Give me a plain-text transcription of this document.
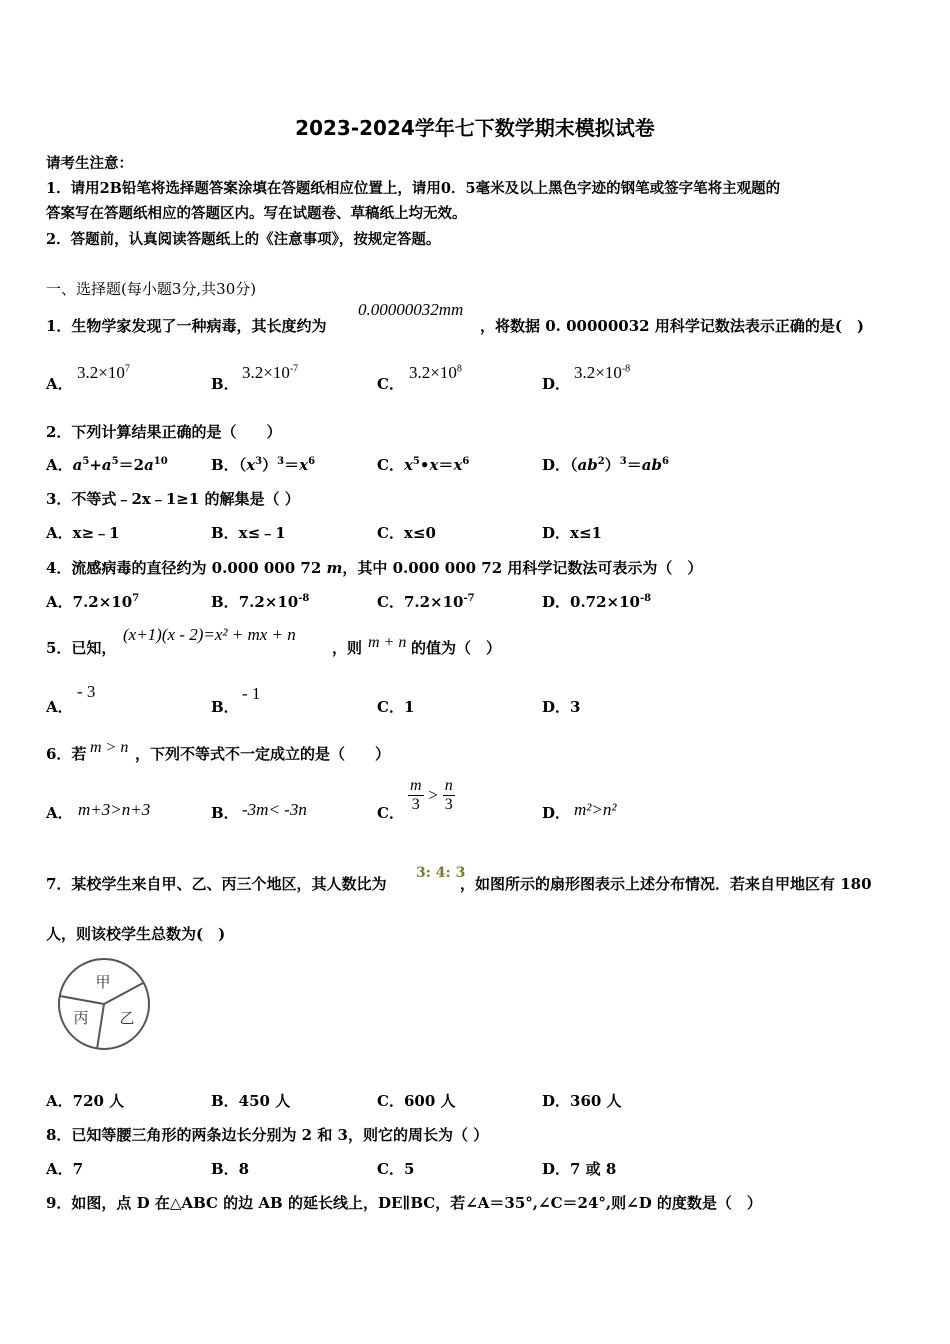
2023-2024学年七下数学期末模拟试卷
请考生注意：
1．请用2B铅笔将选择题答案涂填在答题纸相应位置上，请用0．5毫米及以上黑色字迹的钢笔或签字笔将主观题的
答案写在答题纸相应的答题区内。写在试题卷、草稿纸上均无效。
2．答题前，认真阅读答题纸上的《注意事项》，按规定答题。
一、选择题(每小题3分,共30分)
1．生物学家发现了一种病毒，其长度约为
0.00000032mm
，将数据 0. 00000032 用科学记数法表示正确的是(　)
A．
$3.2\times 10^7$
B．
$3.2\times 10^{-7}$
C．
$3.2\times 10^8$
D．
$3.2\times 10^{-8}$
2．下列计算结果正确的是（　　）
A．$a^5+a^5=2a^{10}$	B．$(x^3)^3=x^6$	C．$x^5•x=x^6$	D．$(ab^2)^3=ab^6$
3．不等式﹣2x﹣1≥1 的解集是（ ）
A．x≥﹣1	B．x≤﹣1	C．x≤0	D．x≤1
4．流感病毒的直径约为 0.000 000 72 m，其中 0.000 000 72 用科学记数法可表示为（　）
A．$7.2\times 10^7$	B．$7.2\times 10^{-8}$	C．$7.2\times 10^{-7}$	D．$0.72\times 10^{-8}$
5．已知，
(x+1)(x - 2)=x² + mx + n
，则 m + n 的值为（　）
A．
- 3
B．
- 1
C．1	D．3
6．若 m > n ，下列不等式不一定成立的是（　　）
A． m+3>n+3	B． -3m< -3n	C． $\frac{m}{3} > \frac{n}{3}$	D． m²>n²
7．某校学生来自甲、乙、丙三个地区，其人数比为
3: 4: 3
，如图所示的扇形图表示上述分布情况．若来自甲地区有 180
人，则该校学生总数为(　)
甲
乙
丙
A．720 人	B．450 人	C．600 人	D．360 人
8．已知等腰三角形的两条边长分别为 2 和 3，则它的周长为（ ）
A．7	B．8	C．5	D．7 或 8
9．如图，点 D 在△ABC 的边 AB 的延长线上，DE∥BC，若∠A＝35°,∠C＝24°,则∠D 的度数是（　）
